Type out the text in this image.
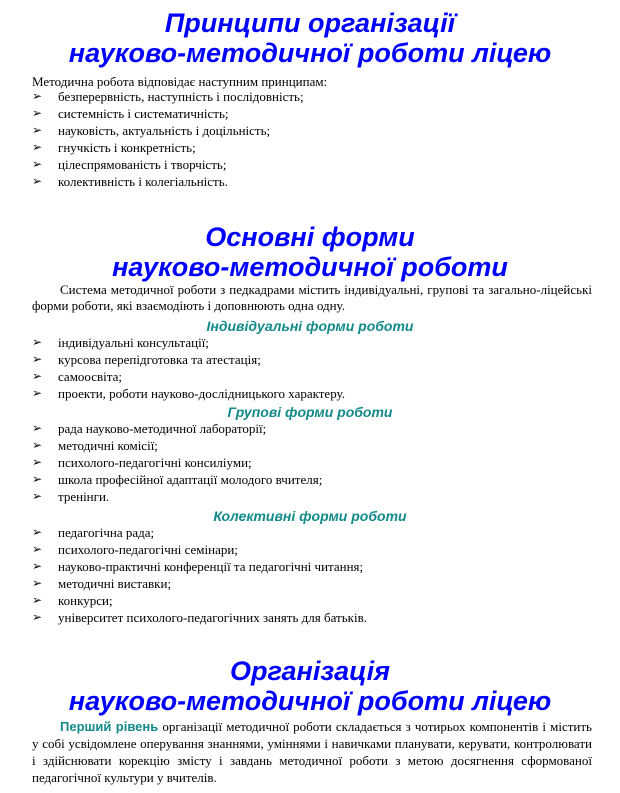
Принципи організації
науково-методичної роботи ліцею

Методична робота відповідає наступним принципам:

➢	безперервність, наступність і послідовність;
➢	системність і систематичність;
➢	науковість, актуальність і доцільність;
➢	гнучкість і конкретність;
➢	цілеспрямованість і творчість;
➢	колективність і колегіальність.
Основні форми
науково-методичної роботи

Система методичної роботи з педкадрами містить індивідуальні, групові та загально-ліцейські форми роботи, які взаємодіють і доповнюють одна одну.

Індивідуальні форми роботи

➢	індивідуальні консультації;
➢	курсова перепідготовка та атестація;
➢	самоосвіта;
➢	проекти, роботи науково-дослідницького характеру.

Групові форми роботи

➢	рада науково-методичної лабораторії;
➢	методичні комісії;
➢	психолого-педагогічні консиліуми;
➢	школа професійної адаптації молодого вчителя;
➢	тренінги.

Колективні форми роботи

➢	педагогічна рада;
➢	психолого-педагогічні семінари;
➢	науково-практичні конференції та педагогічні читання;
➢	методичні виставки;
➢	конкурси;
➢	університет психолого-педагогічних занять для батьків.
Організація
науково-методичної роботи ліцею

Перший рівень організації методичної роботи складається з чотирьох компонентів і містить у собі усвідомлене оперування знаннями, уміннями і навичками планувати, керувати, контролювати і здійснювати корекцію змісту і завдань методичної роботи з метою досягнення сформованої педагогічної культури у вчителів.
